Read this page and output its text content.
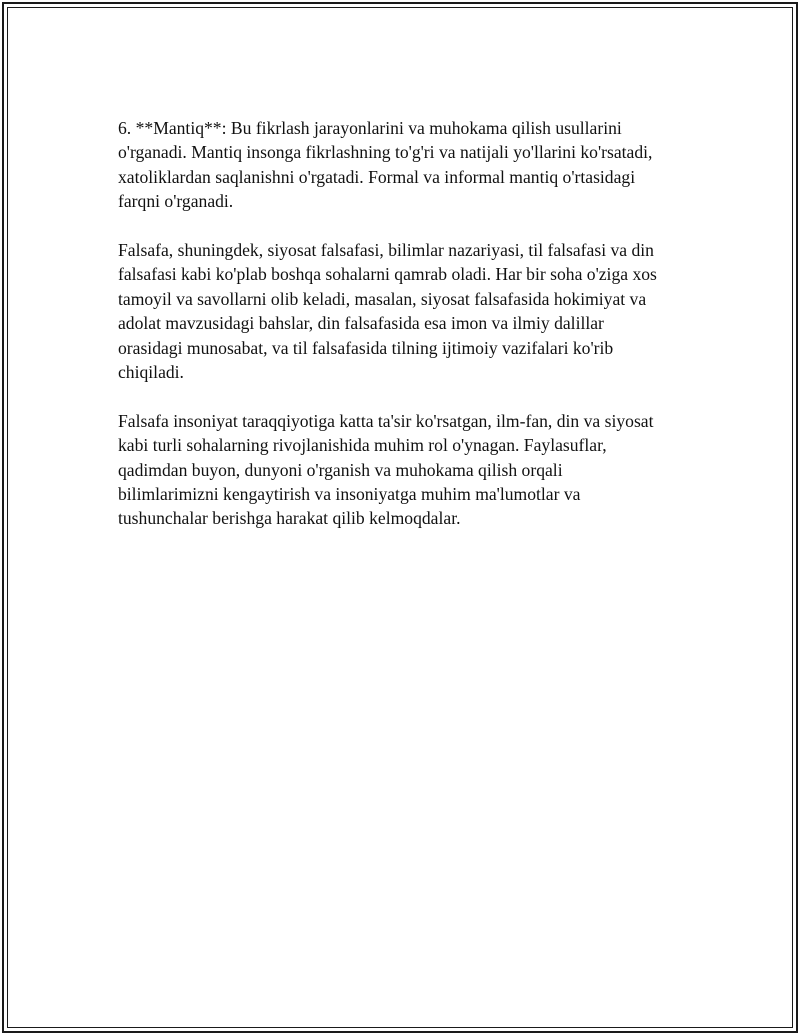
6. **Mantiq**: Bu fikrlash jarayonlarini va muhokama qilish usullarini
o'rganadi. Mantiq insonga fikrlashning to'g'ri va natijali yo'llarini ko'rsatadi,
xatoliklardan saqlanishni o'rgatadi. Formal va informal mantiq o'rtasidagi
farqni o'rganadi.

Falsafa, shuningdek, siyosat falsafasi, bilimlar nazariyasi, til falsafasi va din
falsafasi kabi ko'plab boshqa sohalarni qamrab oladi. Har bir soha o'ziga xos
tamoyil va savollarni olib keladi, masalan, siyosat falsafasida hokimiyat va
adolat mavzusidagi bahslar, din falsafasida esa imon va ilmiy dalillar
orasidagi munosabat, va til falsafasida tilning ijtimoiy vazifalari ko'rib
chiqiladi.

Falsafa insoniyat taraqqiyotiga katta ta'sir ko'rsatgan, ilm-fan, din va siyosat
kabi turli sohalarning rivojlanishida muhim rol o'ynagan. Faylasuflar,
qadimdan buyon, dunyoni o'rganish va muhokama qilish orqali
bilimlarimizni kengaytirish va insoniyatga muhim ma'lumotlar va
tushunchalar berishga harakat qilib kelmoqdalar.
